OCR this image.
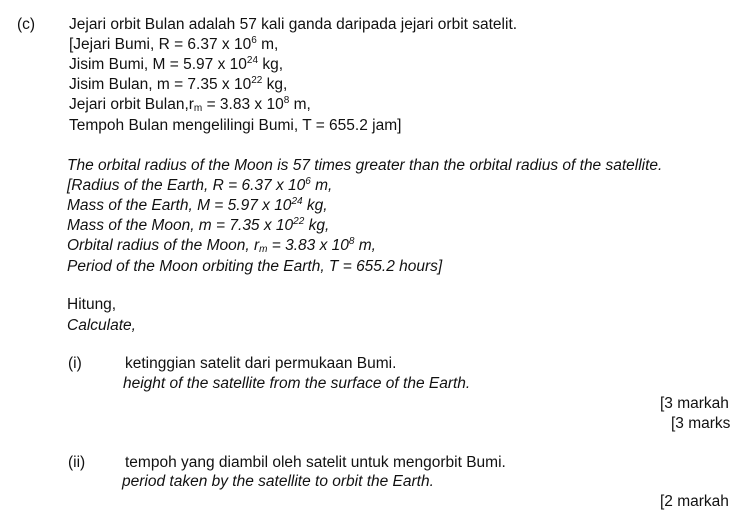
(c) Jejari orbit Bulan adalah 57 kali ganda daripada jejari orbit satelit.
[Jejari Bumi, R = 6.37 x $10^6$ m,
Jisim Bumi, M = 5.97 x $10^{24}$ kg,
Jisim Bulan, m = 7.35 x $10^{22}$ kg,
Jejari orbit $Bulan,r_m = 3.83$ x $10^8$ m,
Tempoh Bulan mengelilingi Bumi, T = 655.2 jam]
The orbital radius of the Moon is 57 times greater than the orbital radius of the satellite.
[Radius of the Earth, R = 6.37 x $10^6$ m,
Mass of the Earth, M = 5.97 x $10^{24}$ kg,
Mass of the Moon, m = 7.35 x $10^{22}$ kg,
Orbital radius of the Moon, $r_m = 3.83$ x $10^8$ m,
Period of the Moon orbiting the Earth, T = 655.2 hours]
Hitung,
Calculate,
(i)	ketinggian satelit dari permukaan Bumi.
height of the satellite from the surface of the Earth.
[3 markah
[3 marks
(ii)	tempoh yang diambil oleh satelit untuk mengorbit Bumi.
period taken by the satellite to orbit the Earth.
[2 markah
